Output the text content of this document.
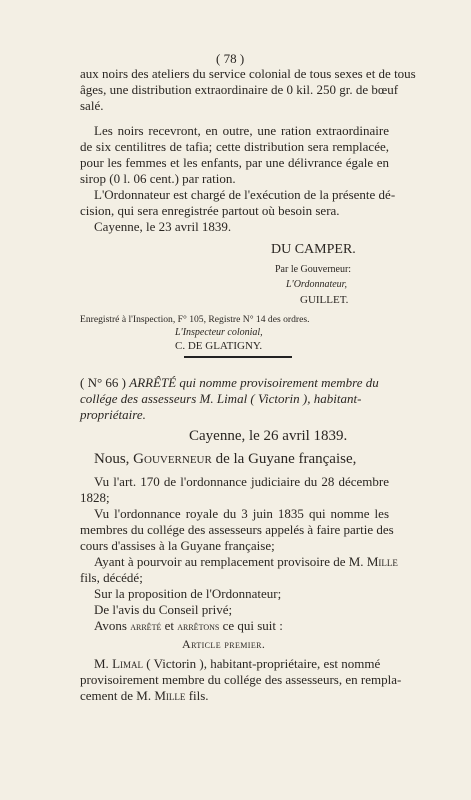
( 78 )
aux noirs des ateliers du service colonial de tous sexes et de tous
âges, une distribution extraordinaire de 0 kil. 250 gr. de bœuf
salé.
Les noirs recevront, en outre, une ration extraordinaire
de six centilitres de tafia; cette distribution sera remplacée,
pour les femmes et les enfants, par une délivrance égale en
sirop (0 l. 06 cent.) par ration.
L'Ordonnateur est chargé de l'exécution de la présente dé-
cision, qui sera enregistrée partout où besoin sera.
Cayenne, le 23 avril 1839.
DU CAMPER.
Par le Gouverneur:
L'Ordonnateur,
GUILLET.
Enregistré à l'Inspection, F° 105, Registre N° 14 des ordres.
L'Inspecteur colonial,
C. DE GLATIGNY.
( N° 66 ) ARRÊTÉ qui nomme provisoirement membre du
collége des assesseurs M. Limal ( Victorin ), habitant-
propriétaire.
Cayenne, le 26 avril 1839.
Nous, Gouverneur de la Guyane française,
Vu l'art. 170 de l'ordonnance judiciaire du 28 décembre
1828;
Vu l'ordonnance royale du 3 juin 1835 qui nomme les
membres du collége des assesseurs appelés à faire partie des
cours d'assises à la Guyane française;
Ayant à pourvoir au remplacement provisoire de M. Mille
fils, décédé;
Sur la proposition de l'Ordonnateur;
De l'avis du Conseil privé;
Avons arrêté et arrêtons ce qui suit :
Article premier.
M. Limal ( Victorin ), habitant-propriétaire, est nommé
provisoirement membre du collége des assesseurs, en rempla-
cement de M. Mille fils.
